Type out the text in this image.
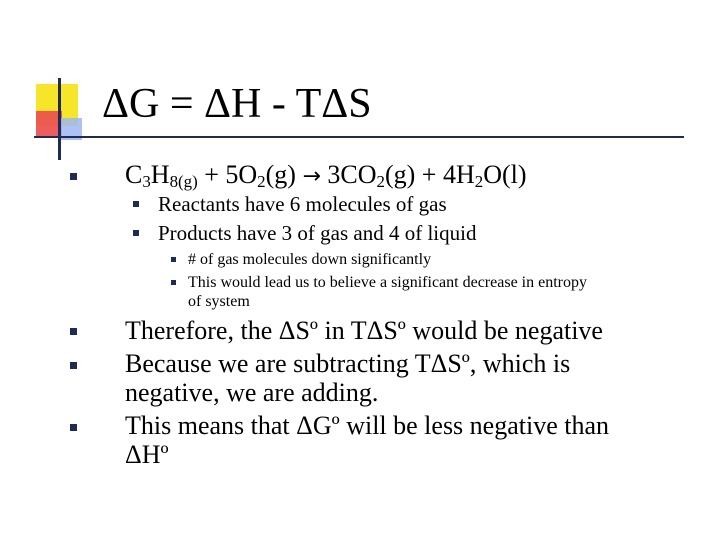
ΔG = ΔH - TΔS
$C_3H_{8(g)} + 5O_2(g) \to 3CO_2(g) + 4H_2O(l)$
Reactants have 6 molecules of gas
Products have 3 of gas and 4 of liquid
# of gas molecules down significantly
This would lead us to believe a significant decrease in entropy
of system
Therefore, the ΔSº in TΔSº would be negative
Because we are subtracting TΔSº, which is
negative, we are adding.
This means that ΔGº will be less negative than
ΔHº
